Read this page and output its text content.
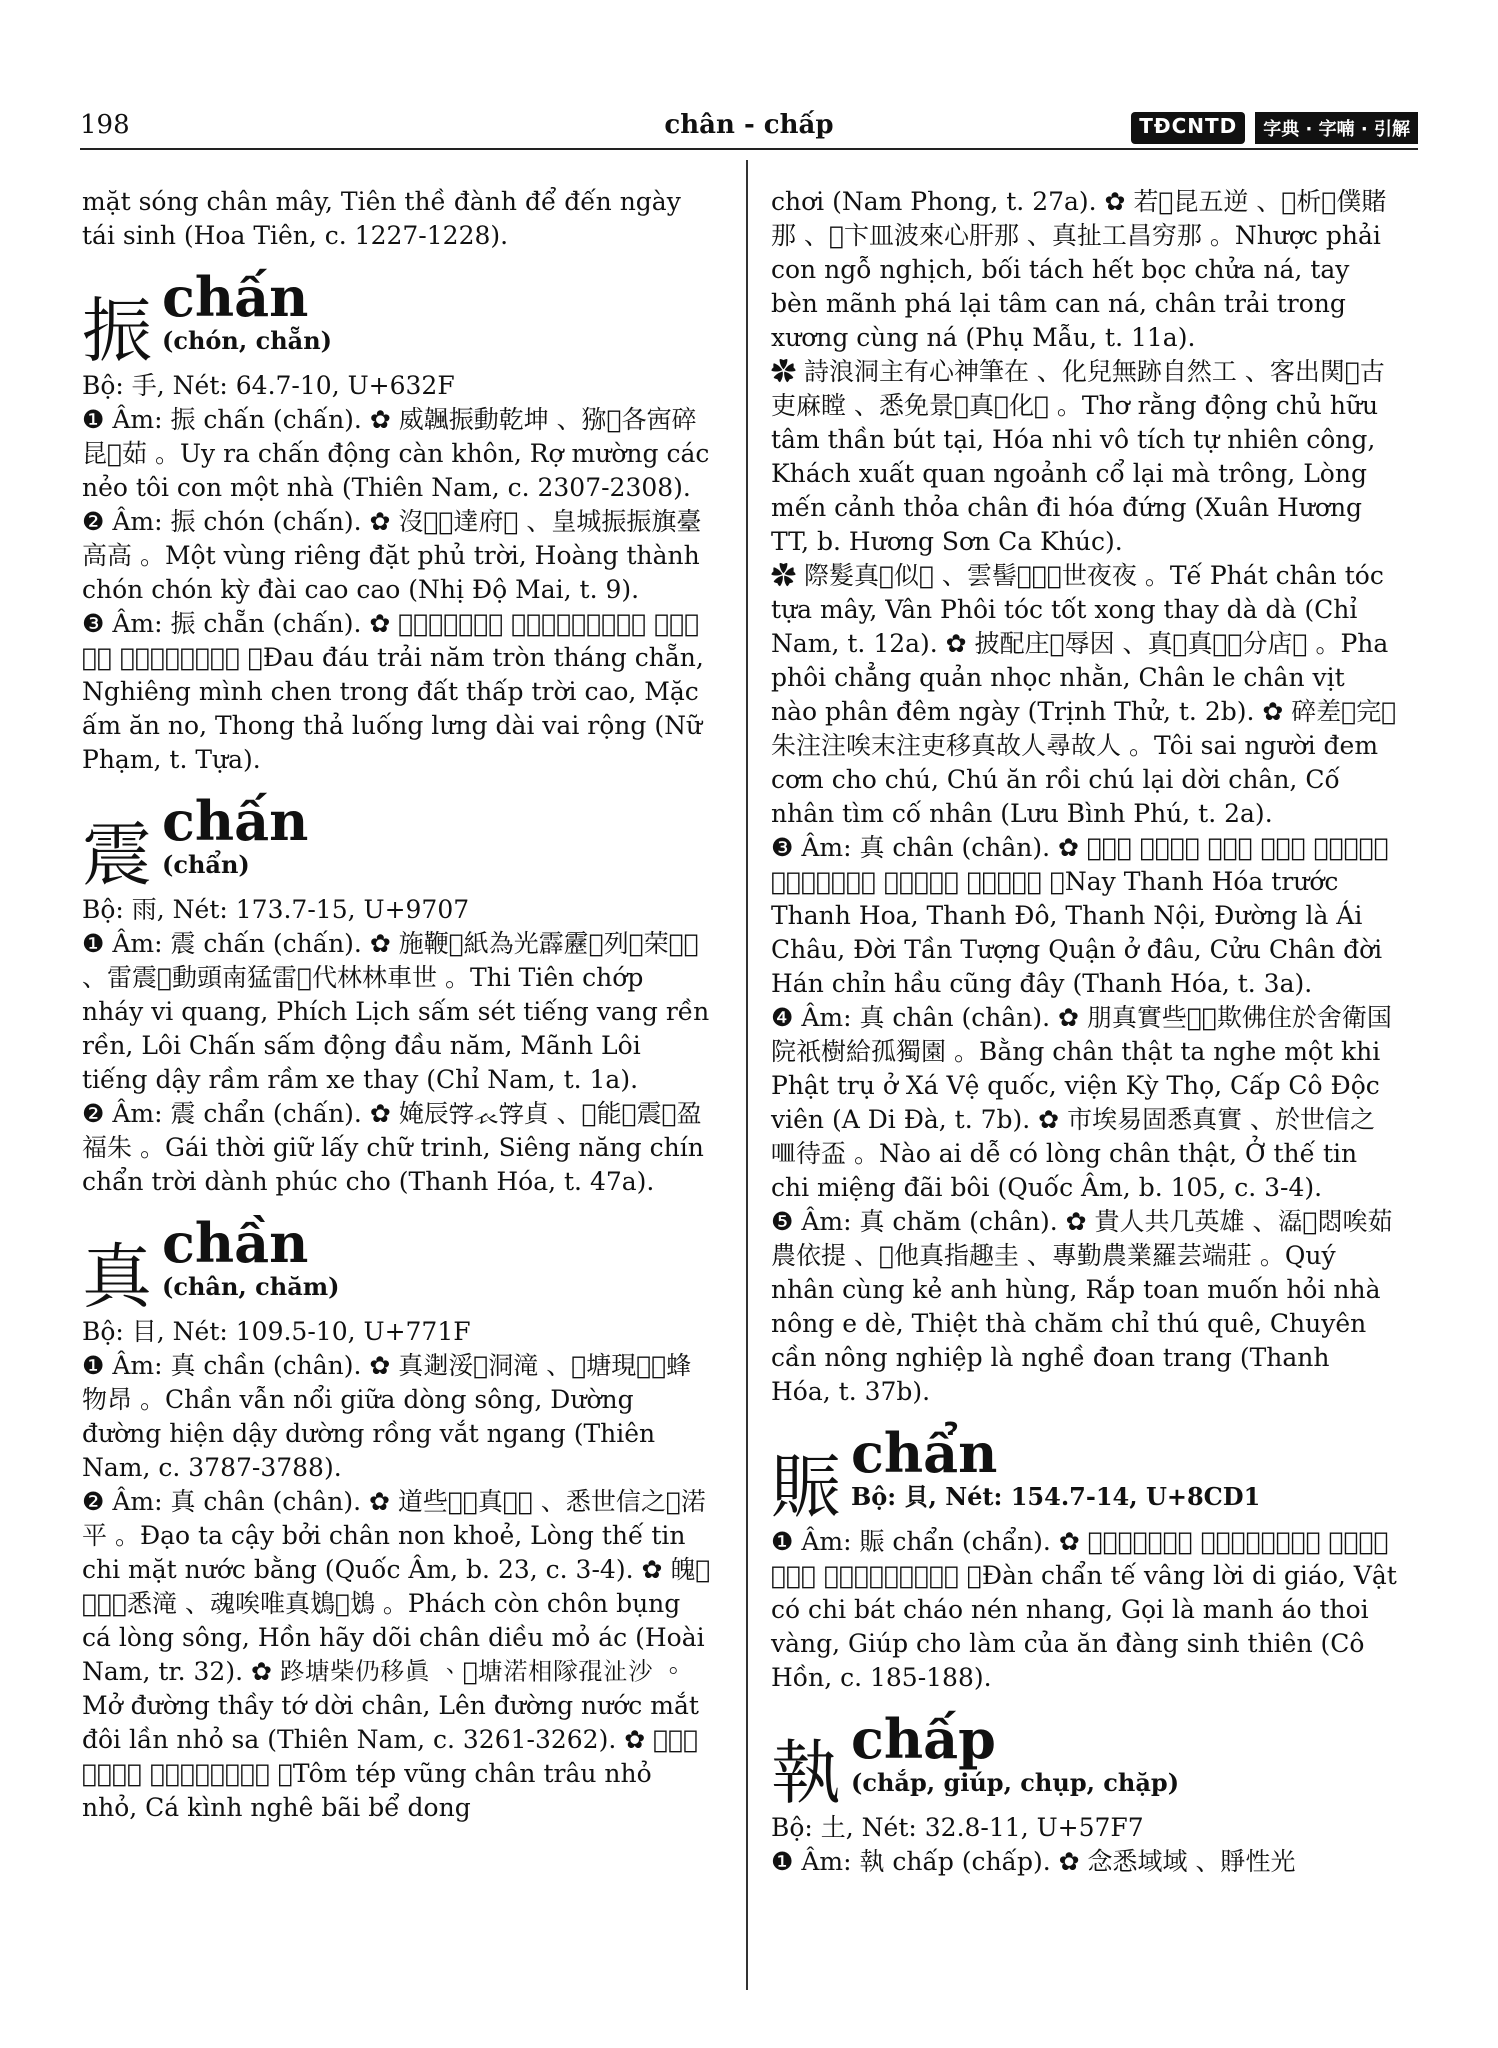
198	chân - chấp	TĐCNTD	字典 ∙ 字喃 ∙ 引解

mặt sóng chân mây, Tiên thề đành để đến ngày tái sinh (Hoa Tiên, c. 1227-1228).

振 chấn
(chón, chẵn)

Bộ: 手, Nét: 64.7-10, U+632F

❶ Âm: 振 chấn (chấn). ✿ 威𩘚振動乾坤 、猕𦬑各𡧳碎昆𠢞茹 。Uy ra chấn động càn khôn, Rợ mường các nẻo tôi con một nhà (Thiên Nam, c. 2307-2308).

❷ Âm: 振 chón (chấn). ✿ 沒𡎝𡐙達府𡶀 、皇城振振旗臺高高 。Một vùng riêng đặt phủ trời, Hoàng thành chón chón kỳ đài cao cao (Nhị Độ Mai, t. 9).

❸ Âm: 振 chẵn (chấn). ✿ 𠺙𠺙𥉫𩵜𩶬𦟐振 、迎𨉓𡈘𩊛坦𣾺𡶀高 、𪓝𦵛喡𩛂 、通𠀲𧋆𦘃𩛂𩠽𥽌 。Đau đáu trải năm tròn tháng chẵn, Nghiêng mình chen trong đất thấp trời cao, Mặc ấm ăn no, Thong thả luống lưng dài vai rộng (Nữ Phạm, t. Tựa).

震 chấn
(chẩn)

Bộ: 雨, Nét: 173.7-15, U+9707

❶ Âm: 震 chấn (chấn). ✿ 施鞭𤈜紙為光霹靂𩂟列𠰘荣𤈜𤈜 、雷震𩂟動頭南猛雷𠰘代林林車世 。Thi Tiên chớp nháy vi quang, Phích Lịch sấm sét tiếng vang rền rền, Lôi Chấn sấm động đầu năm, Mãnh Lôi tiếng dậy rầm rầm xe thay (Chỉ Nam, t. 1a).

❷ Âm: 震 chẩn (chấn). ✿ 㛪辰𡨸𧘇𡨸貞 、𢹣能𢪀震𡶀盈福朱 。Gái thời giữ lấy chữ trinh, Siêng năng chín chẩn trời dành phúc cho (Thanh Hóa, t. 47a).

真 chần
(chân, chăm)

Bộ: 目, Nét: 109.5-10, U+771F

❶ Âm: 真 chần (chân). ✿ 真𨔈浽𥪝洞滝 、𡓁塘現𨁪𡓁蜂物昂 。Chần vẫn nổi giữa dòng sông, Dường đường hiện dậy dường rồng vắt ngang (Thiên Nam, c. 3787-3788).

❷ Âm: 真 chân (chân). ✿ 道些𢚸𢬣真𡎝𡍥 、悉世信之𩈘渃平 。Đạo ta cậy bởi chân non khoẻ, Lòng thế tin chi mặt nước bằng (Quốc Âm, b. 23, c. 3-4). ✿ 魄𡶀𡓋𦟹𩵜悉滝 、魂唉唯真𩾷𠸗𩾷 。Phách còn chôn bụng cá lòng sông, Hồn hãy dõi chân diều mỏ ác (Hoài Nam, tr. 32). ✿ 𨀐塘柴仍移真 、𨖅塘渃相隊𡥵沚沙 。Mở đường thầy tớ dời chân, Lên đường nước mắt đôi lần nhỏ sa (Thiên Nam, c. 3261-3262). ✿ 𩵜𩶬𣴜真𨁡𩙌𩙌 、𠃣𩶬𩶬𡓋𣳔容制 。Tôm tép vũng chân trâu nhỏ nhỏ, Cá kình nghê bãi bể dong

chơi (Nam Phong, t. 27a). ✿ 若𣷷昆五逆 、𢯦析𢪀僕賭那 、𠼤卞皿波來心肝那 、真扯工昌穷那 。Nhược phải con ngỗ nghịch, bối tách hết bọc chửa ná, tay bèn mãnh phá lại tâm can ná, chân trải trong xương cùng ná (Phụ Mẫu, t. 11a).

✿ 詩浪洞主有心神筆在 、化兒無跡自然工 、客出関𢷁古吏麻瞠 、悉免景𨀈真𢬭化𨁚 。Thơ rằng động chủ hữu tâm thần bút tại, Hóa nhi vô tích tự nhiên công, Khách xuất quan ngoảnh cổ lại mà trông, Lòng mến cảnh thỏa chân đi hóa đứng (Xuân Hương TT, b. Hương Sơn Ca Khúc).

✿ 際髮真𩯀似𤁕 、雲髻𩯀𡍚𢪀世夜夜 。Tế Phát chân tóc tựa mây, Vân Phôi tóc tốt xong thay dà dà (Chỉ Nam, t. 12a). ✿ 披配庄𠳒辱因 、真𩿠真𧼋𢂞分店𣅶 。Pha phôi chẳng quản nhọc nhằn, Chân le chân vịt nào phân đêm ngày (Trịnh Thử, t. 2b). ✿ 碎差𩛂完𧏵朱注注唉末注吏移真故人尋故人 。Tôi sai người đem cơm cho chú, Chú ăn rồi chú lại dời chân, Cố nhân tìm cố nhân (Lưu Bình Phú, t. 2a).

❸ Âm: 真 chân (chân). ✿ 𠅎清化 、𦛿清花 、清都 、清內 、唐羅愛州 、𦋦秦象郡於𡀮 、九真𦋦漢 、参𠊛拱低 。Nay Thanh Hóa trước Thanh Hoa, Thanh Đô, Thanh Nội, Đường là Ái Châu, Đời Tần Tượng Quận ở đâu, Cửu Chân đời Hán chỉn hầu cũng đây (Thanh Hóa, t. 3a).

❹ Âm: 真 chân (chân). ✿ 朋真實些𦖑𠬠欺佛住於舍衛国院祇樹給孤獨園 。Bằng chân thật ta nghe một khi Phật trụ ở Xá Vệ quốc, viện Kỳ Thọ, Cấp Cô Độc viên (A Di Đà, t. 7b). ✿ 市埃易固悉真實 、於世信之𠰘待盃 。Nào ai dễ có lòng chân thật, Ở thế tin chi miệng đãi bôi (Quốc Âm, b. 105, c. 3-4).

❺ Âm: 真 chăm (chân). ✿ 貴人共几英雄 、𤂬𨢟悶唉茹農依提 、𡧲他真指趣圭 、專勤農業羅芸端莊 。Quý nhân cùng kẻ anh hùng, Rắp toan muốn hỏi nhà nông e dè, Thiệt thà chăm chỉ thú quê, Chuyên cần nông nghiệp là nghề đoan trang (Thanh Hóa, t. 37b).

賑 chẩn
Bộ: 貝, Nét: 154.7-14, U+8CD1

❶ Âm: 賑 chẩn (chẩn). ✿ 𢮪賑濟咿唒遺教 、物固之鉢粥𦺓香 、噲𡗶萌襖梭鐄 、𢴾朱夕貼唉塘生天 。Đàn chẩn tế vâng lời di giáo, Vật có chi bát cháo nén nhang, Gọi là manh áo thoi vàng, Giúp cho làm của ăn đàng sinh thiên (Cô Hồn, c. 185-188).

執 chấp
(chắp, giúp, chụp, chặp)

Bộ: 土, Nét: 32.8-11, U+57F7

❶ Âm: 執 chấp (chấp). ✿ 念悉域域 、𧶄性光
